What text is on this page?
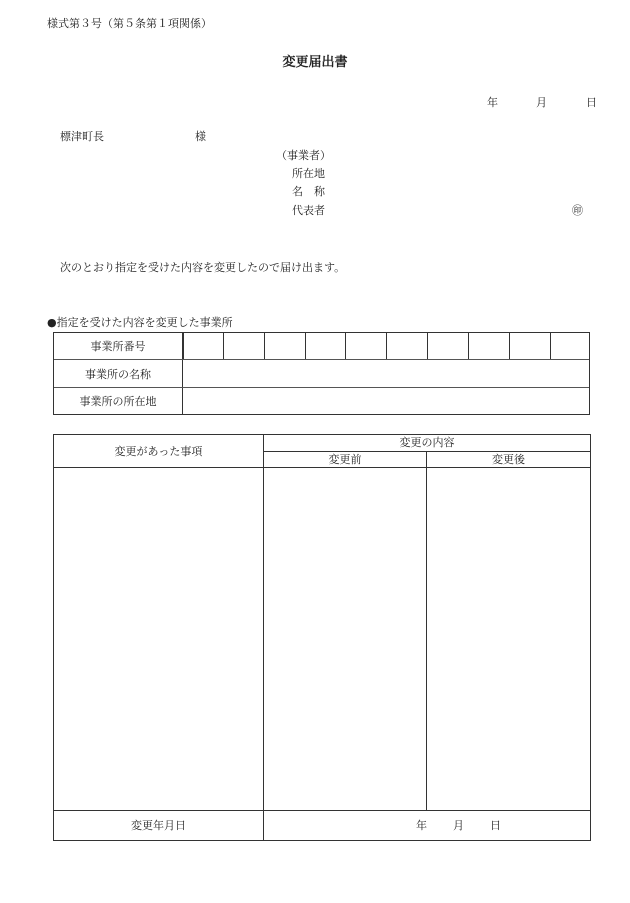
様式第３号（第５条第１項関係）
変更届出書
年	月	日
標津町長	様
（事業者）
所在地
名　称
代表者	㊞
次のとおり指定を受けた内容を変更したので届け出ます。
●指定を受けた内容を変更した事業所
事業所番号
事業所の名称
事業所の所在地
変更があった事項
変更の内容
変更前	変更後
変更年月日	年 月 日
